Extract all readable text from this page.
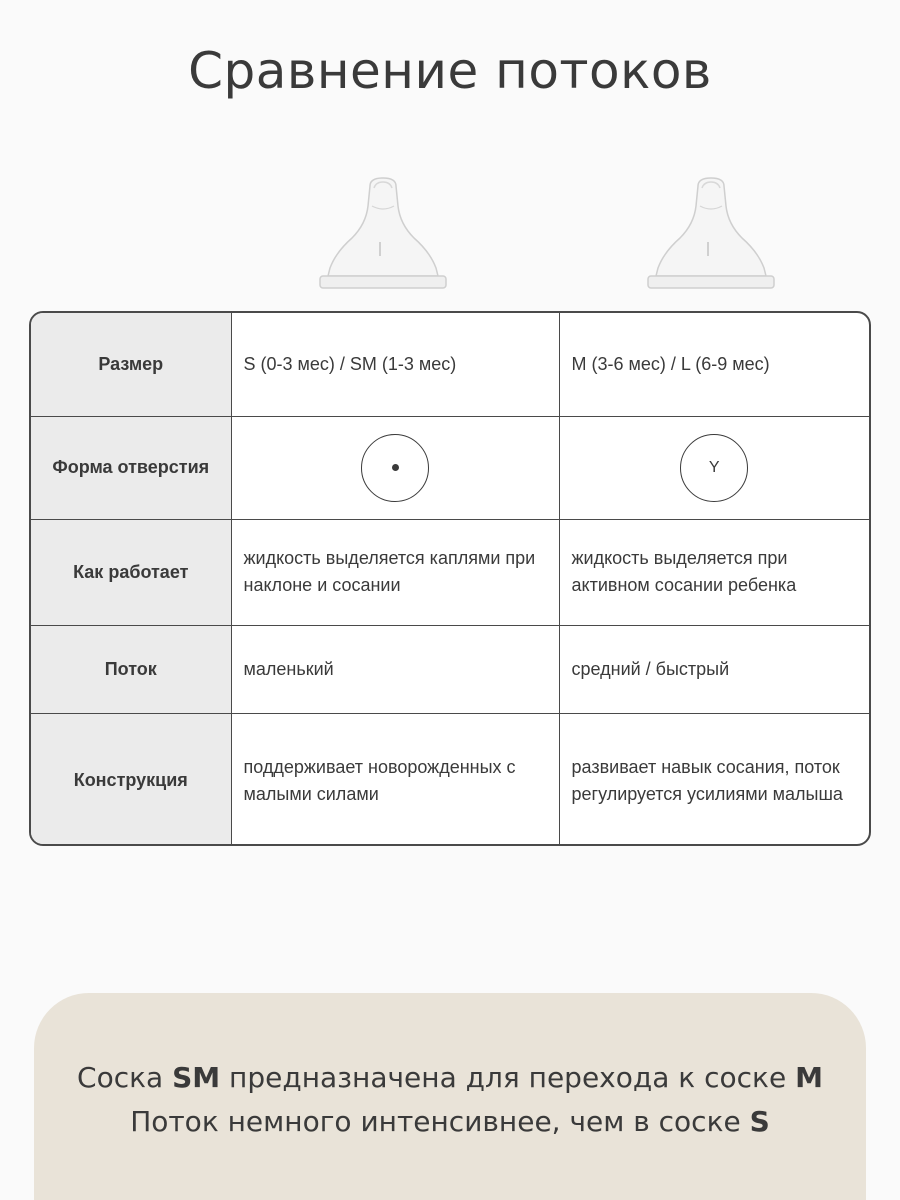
Сравнение потоков
Размер	S (0-3 мес) / SM (1-3 мес)	M (3-6 мес) / L (6-9 мес)
Форма отверстия		Y
Как работает	жидкость выделяется каплями при наклоне и сосании	жидкость выделяется при активном сосании ребенка
Поток	маленький	средний / быстрый
Конструкция	поддерживает новорожденных с малыми силами	развивает навык сосания, поток регулируется усилиями малыша
Соска SM предназначена для перехода к соске M
Поток немного интенсивнее, чем в соске S
